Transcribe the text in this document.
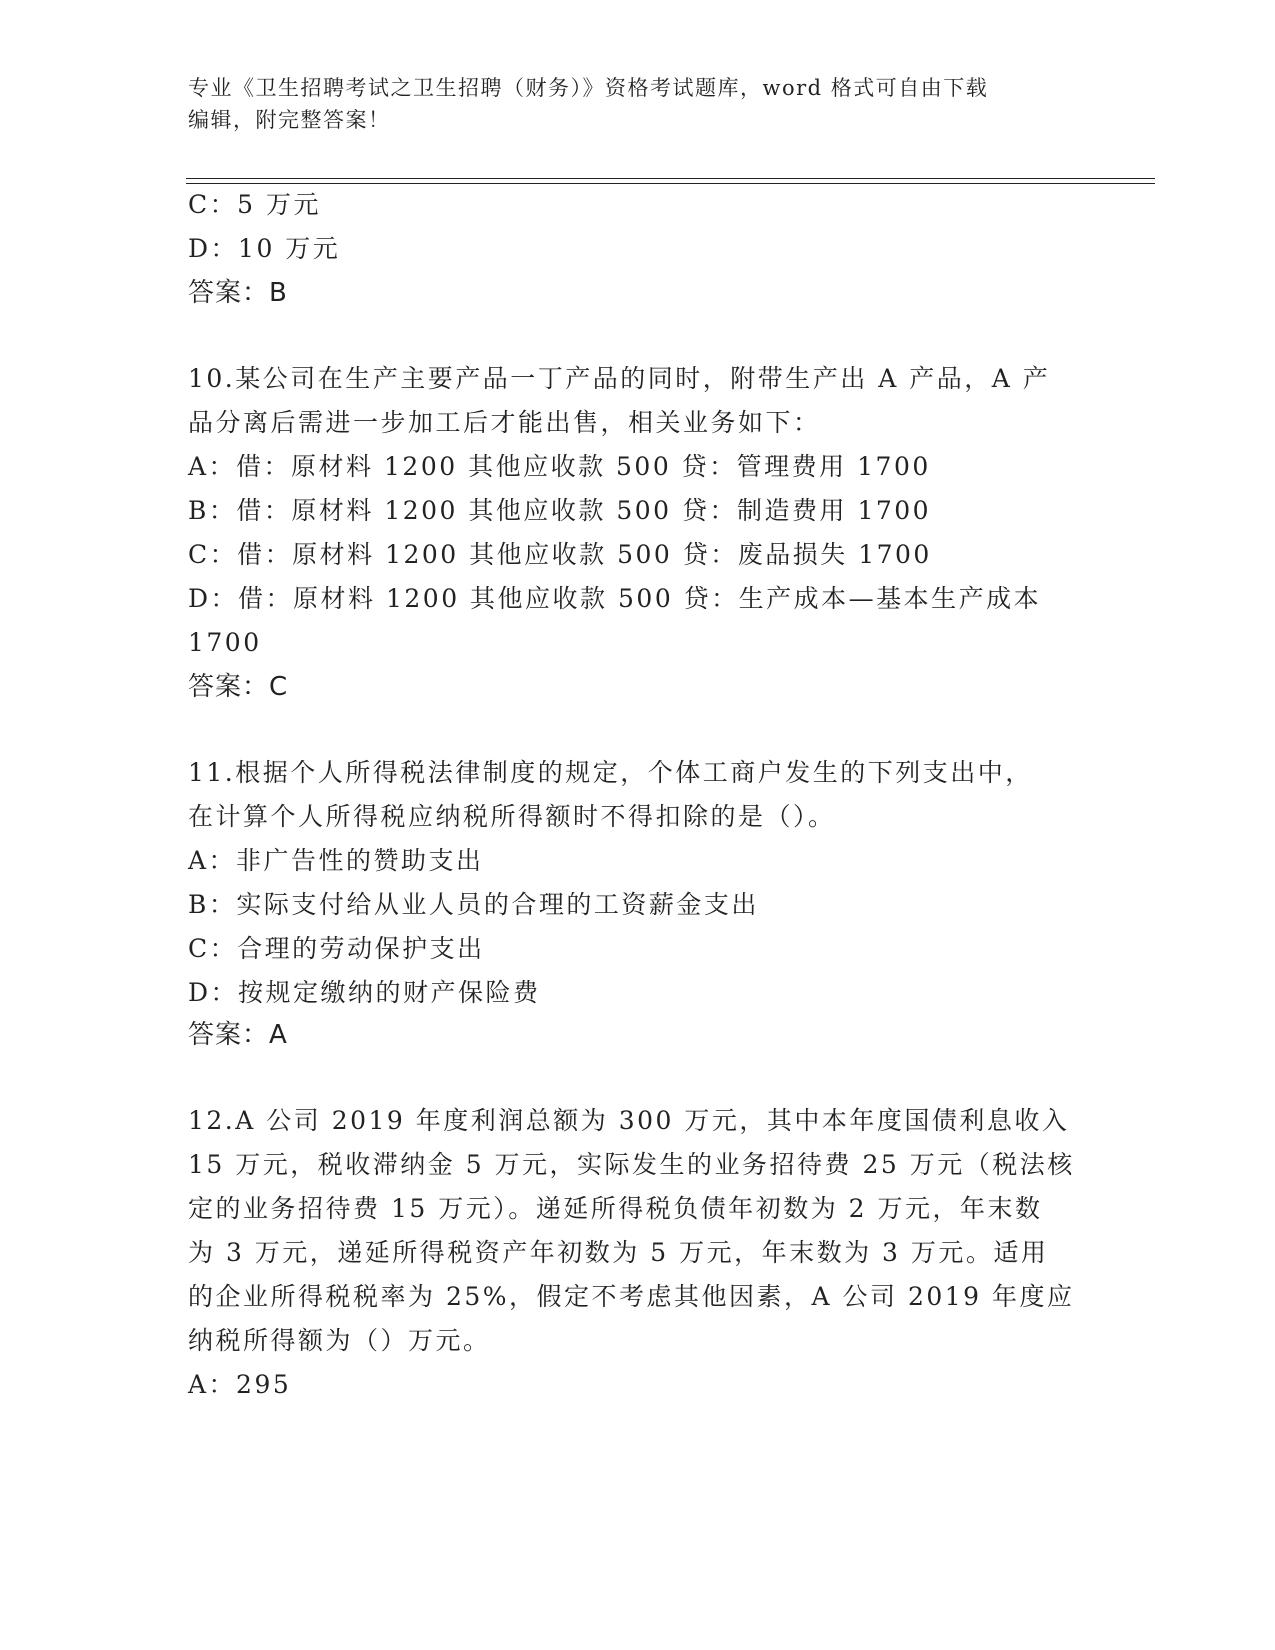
专业《卫生招聘考试之卫生招聘（财务）》资格考试题库，word 格式可自由下载
编辑，附完整答案！
C：5 万元
D：10 万元
答案：B
10.某公司在生产主要产品一丁产品的同时，附带生产出 A 产品，A 产
品分离后需进一步加工后才能出售，相关业务如下：
A：借：原材料 1200 其他应收款 500 贷：管理费用 1700
B：借：原材料 1200 其他应收款 500 贷：制造费用 1700
C：借：原材料 1200 其他应收款 500 贷：废品损失 1700
D：借：原材料 1200 其他应收款 500 贷：生产成本—基本生产成本
1700
答案：C
11.根据个人所得税法律制度的规定，个体工商户发生的下列支出中，
在计算个人所得税应纳税所得额时不得扣除的是（）。
A：非广告性的赞助支出
B：实际支付给从业人员的合理的工资薪金支出
C：合理的劳动保护支出
D：按规定缴纳的财产保险费
答案：A
12.A 公司 2019 年度利润总额为 300 万元，其中本年度国债利息收入
15 万元，税收滞纳金 5 万元，实际发生的业务招待费 25 万元（税法核
定的业务招待费 15 万元）。递延所得税负债年初数为 2 万元，年末数
为 3 万元，递延所得税资产年初数为 5 万元，年末数为 3 万元。适用
的企业所得税税率为 25%，假定不考虑其他因素，A 公司 2019 年度应
纳税所得额为（）万元。
A：295
